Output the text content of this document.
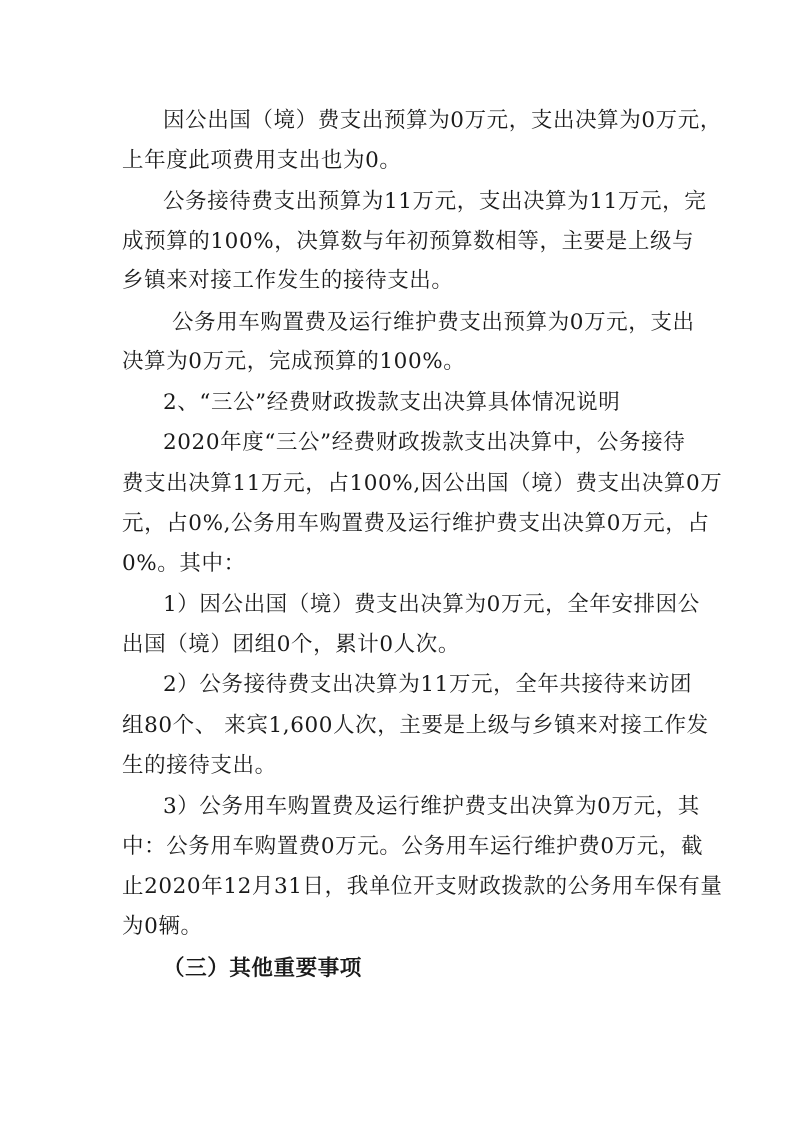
因公出国（境）费支出预算为0万元，支出决算为0万元，
上年度此项费用支出也为0。
公务接待费支出预算为11万元，支出决算为11万元，完
成预算的100%，决算数与年初预算数相等，主要是上级与
乡镇来对接工作发生的接待支出。
公务用车购置费及运行维护费支出预算为0万元，支出
决算为0万元，完成预算的100%。
2、“三公”经费财政拨款支出决算具体情况说明
2020年度“三公”经费财政拨款支出决算中，公务接待
费支出决算11万元，占100%,因公出国（境）费支出决算0万
元，占0%,公务用车购置费及运行维护费支出决算0万元，占
0%。其中：
1）因公出国（境）费支出决算为0万元，全年安排因公
出国（境）团组0个，累计0人次。
2）公务接待费支出决算为11万元，全年共接待来访团
组80个、 来宾1,600人次，主要是上级与乡镇来对接工作发
生的接待支出。
3）公务用车购置费及运行维护费支出决算为0万元，其
中：公务用车购置费0万元。公务用车运行维护费0万元，截
止2020年12月31日，我单位开支财政拨款的公务用车保有量
为0辆。
（三）其他重要事项
